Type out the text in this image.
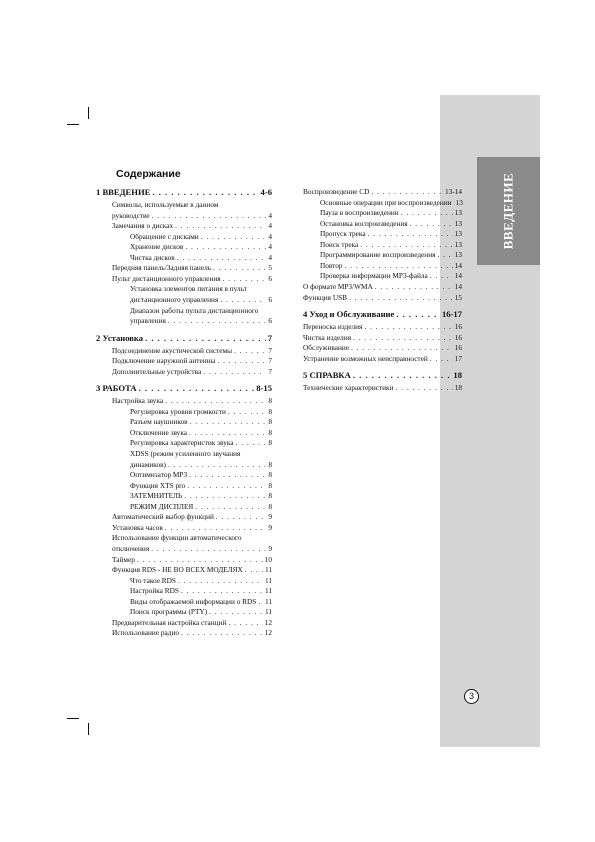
ВВЕДЕНИЕ
3
Содержание
1 ВВЕДЕНИЕ . . .	4-6
Символы, используемые в данном
руководстве . . .	4
Замечания о дисках . . .	4
Обращение с дисками . . .	4
Хранение дисков . . .	4
Чистка дисков . . .	4
Передняя панель/Задняя панель . . .	5
Пульт дистанционного управления . . .	6
Установка элементов питания в пульт
дистанционного управления . . .	6
Диапазон работы пульта дистанционного
управления . . .	6
2 Установка . . .	7
Подсоединение акустической системы . . .	7
Подключение наружной антенны . . .	7
Дополнительные устройства . . .	7
3 РАБОТА . . .	8-15
Настройка звука . . .	8
Регулировка уровня громкости . . .	8
Разъем наушников . . .	8
Отключение звука . . .	8
Регулировка характеристик звука . . .	8
XDSS (режим усиленного звучания
динамиков) . . .	8
Оптимизатор MP3 . . .	8
Функция XTS pro . . .	8
ЗАТЕМНИТЕЛЬ . . .	8
РЕЖИМ ДИСПЛЕЯ . . .	8
Автоматический выбор функций . . .	9
Установка часов . . .	9
Использование функции автоматического
отключения . . .	9
Таймер . . .	10
Функция RDS - НЕ ВО ВСЕХ МОДЕЛЯХ . . .	11
Что такое RDS . . .	11
Настройка RDS . . .	11
Виды отображаемой информации о RDS . . . 11
Поиск программы (PTY) . . .	11
Предварительная настройка станций . . .	12
Использование радио . . .	12
Воспроизведение CD . . .	13-14
Основные операции при воспроизведении 13
Пауза в воспроизведении . . .	13
Остановка воспроизведения . . .	13
Пропуск трека . . .	13
Поиск трека . . .	13
Программирование воспроизведения . . .	13
Повтор . . .	14
Проверка информации MP3-файла . . .	14
О формате MP3/WMA . . .	14
Функция USB . . .	15
4 Уход и Обслуживание . . .	16-17
Переноска изделия . . .	16
Чистка изделия . . .	16
Обслуживание . . .	16
Устранение возможных неисправностей . . .	17
5 СПРАВКА . . .	18
Технические характеристики . . .	18
